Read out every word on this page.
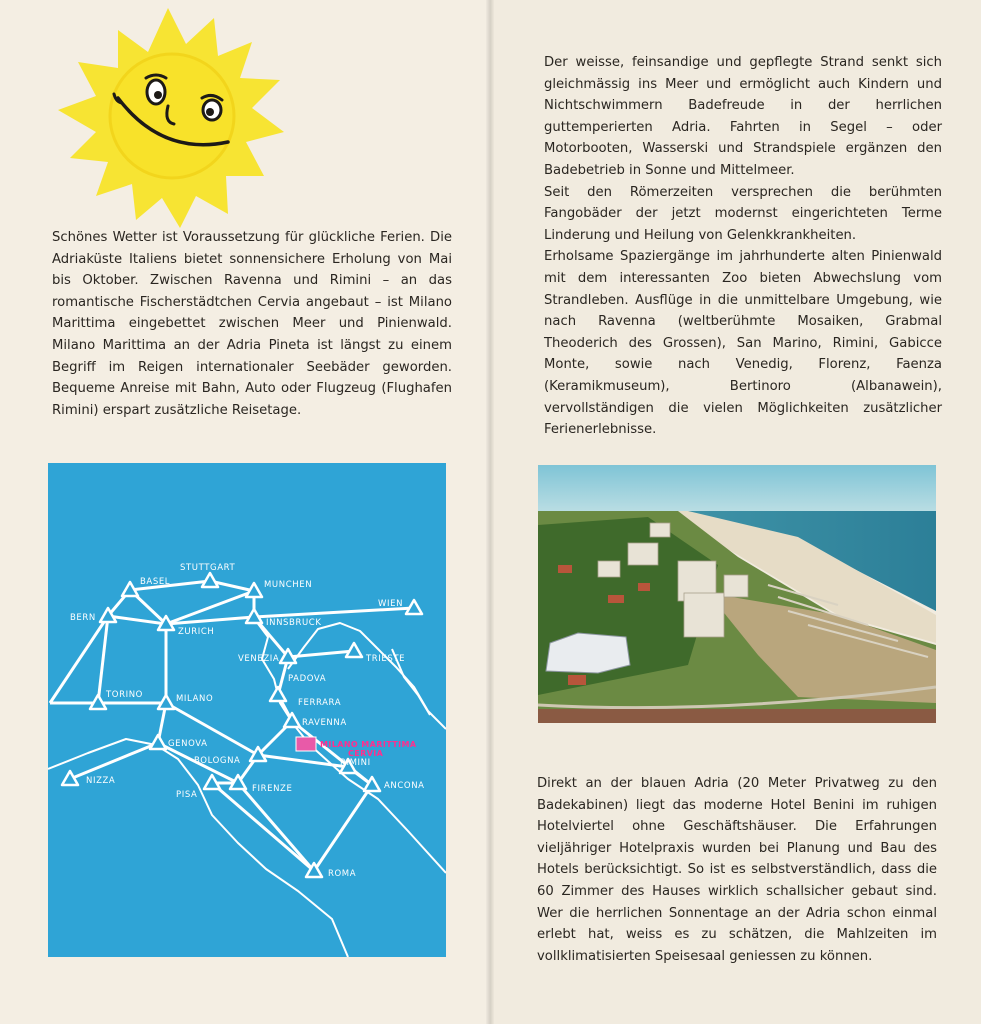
Schönes Wetter ist Voraussetzung für glückliche Ferien. Die Adriaküste Italiens bietet sonnensichere Erholung von Mai bis Oktober. Zwischen Ravenna und Rimini – an das romantische Fischerstädtchen Cervia angebaut – ist Milano Marittima eingebettet zwischen Meer und Pinienwald. Milano Marittima an der Adria Pineta ist längst zu einem Begriff im Reigen internationaler Seebäder geworden. Bequeme Anreise mit Bahn, Auto oder Flugzeug (Flughafen Rimini) erspart zusätzliche Reisetage.

STUTTGART
BASEL	MUNCHEN
BERN
ZURICH
INNSBRUCK
WIEN
VENEZIA	TRIESTE
PADOVA
TORINO	MILANO	FERRARA
RAVENNA
MILANO MARITTIMA
CERVIA
GENOVA
BOLOGNA	RIMINI
NIZZA
PISA
FIRENZE	ANCONA
ROMA

Der weisse, feinsandige und gepflegte Strand senkt sich gleichmässig ins Meer und ermöglicht auch Kindern und Nichtschwimmern Badefreude in der herrlichen guttemperierten Adria. Fahrten in Segel – oder Motorbooten, Wasserski und Strandspiele ergänzen den Badebetrieb in Sonne und Mittelmeer.

Seit den Römerzeiten versprechen die berühmten Fangobäder der jetzt modernst eingerichteten Terme Linderung und Heilung von Gelenkkrankheiten.

Erholsame Spaziergänge im jahrhunderte alten Pinienwald mit dem interessanten Zoo bieten Abwechslung vom Strandleben. Ausflüge in die unmittelbare Umgebung, wie nach Ravenna (weltberühmte Mosaiken, Grabmal Theoderich des Grossen), San Marino, Rimini, Gabicce Monte, sowie nach Venedig, Florenz, Faenza (Keramikmuseum), Bertinoro (Albanawein), vervollständigen die vielen Möglichkeiten zusätzlicher Ferienerlebnisse.

Direkt an der blauen Adria (20 Meter Privatweg zu den Badekabinen) liegt das moderne Hotel Benini im ruhigen Hotelviertel ohne Geschäftshäuser. Die Erfahrungen vieljähriger Hotelpraxis wurden bei Planung und Bau des Hotels berücksichtigt. So ist es selbstverständlich, dass die 60 Zimmer des Hauses wirklich schallsicher gebaut sind. Wer die herrlichen Sonnentage an der Adria schon einmal erlebt hat, weiss es zu schätzen, die Mahlzeiten im vollklimatisierten Speisesaal geniessen zu können.
